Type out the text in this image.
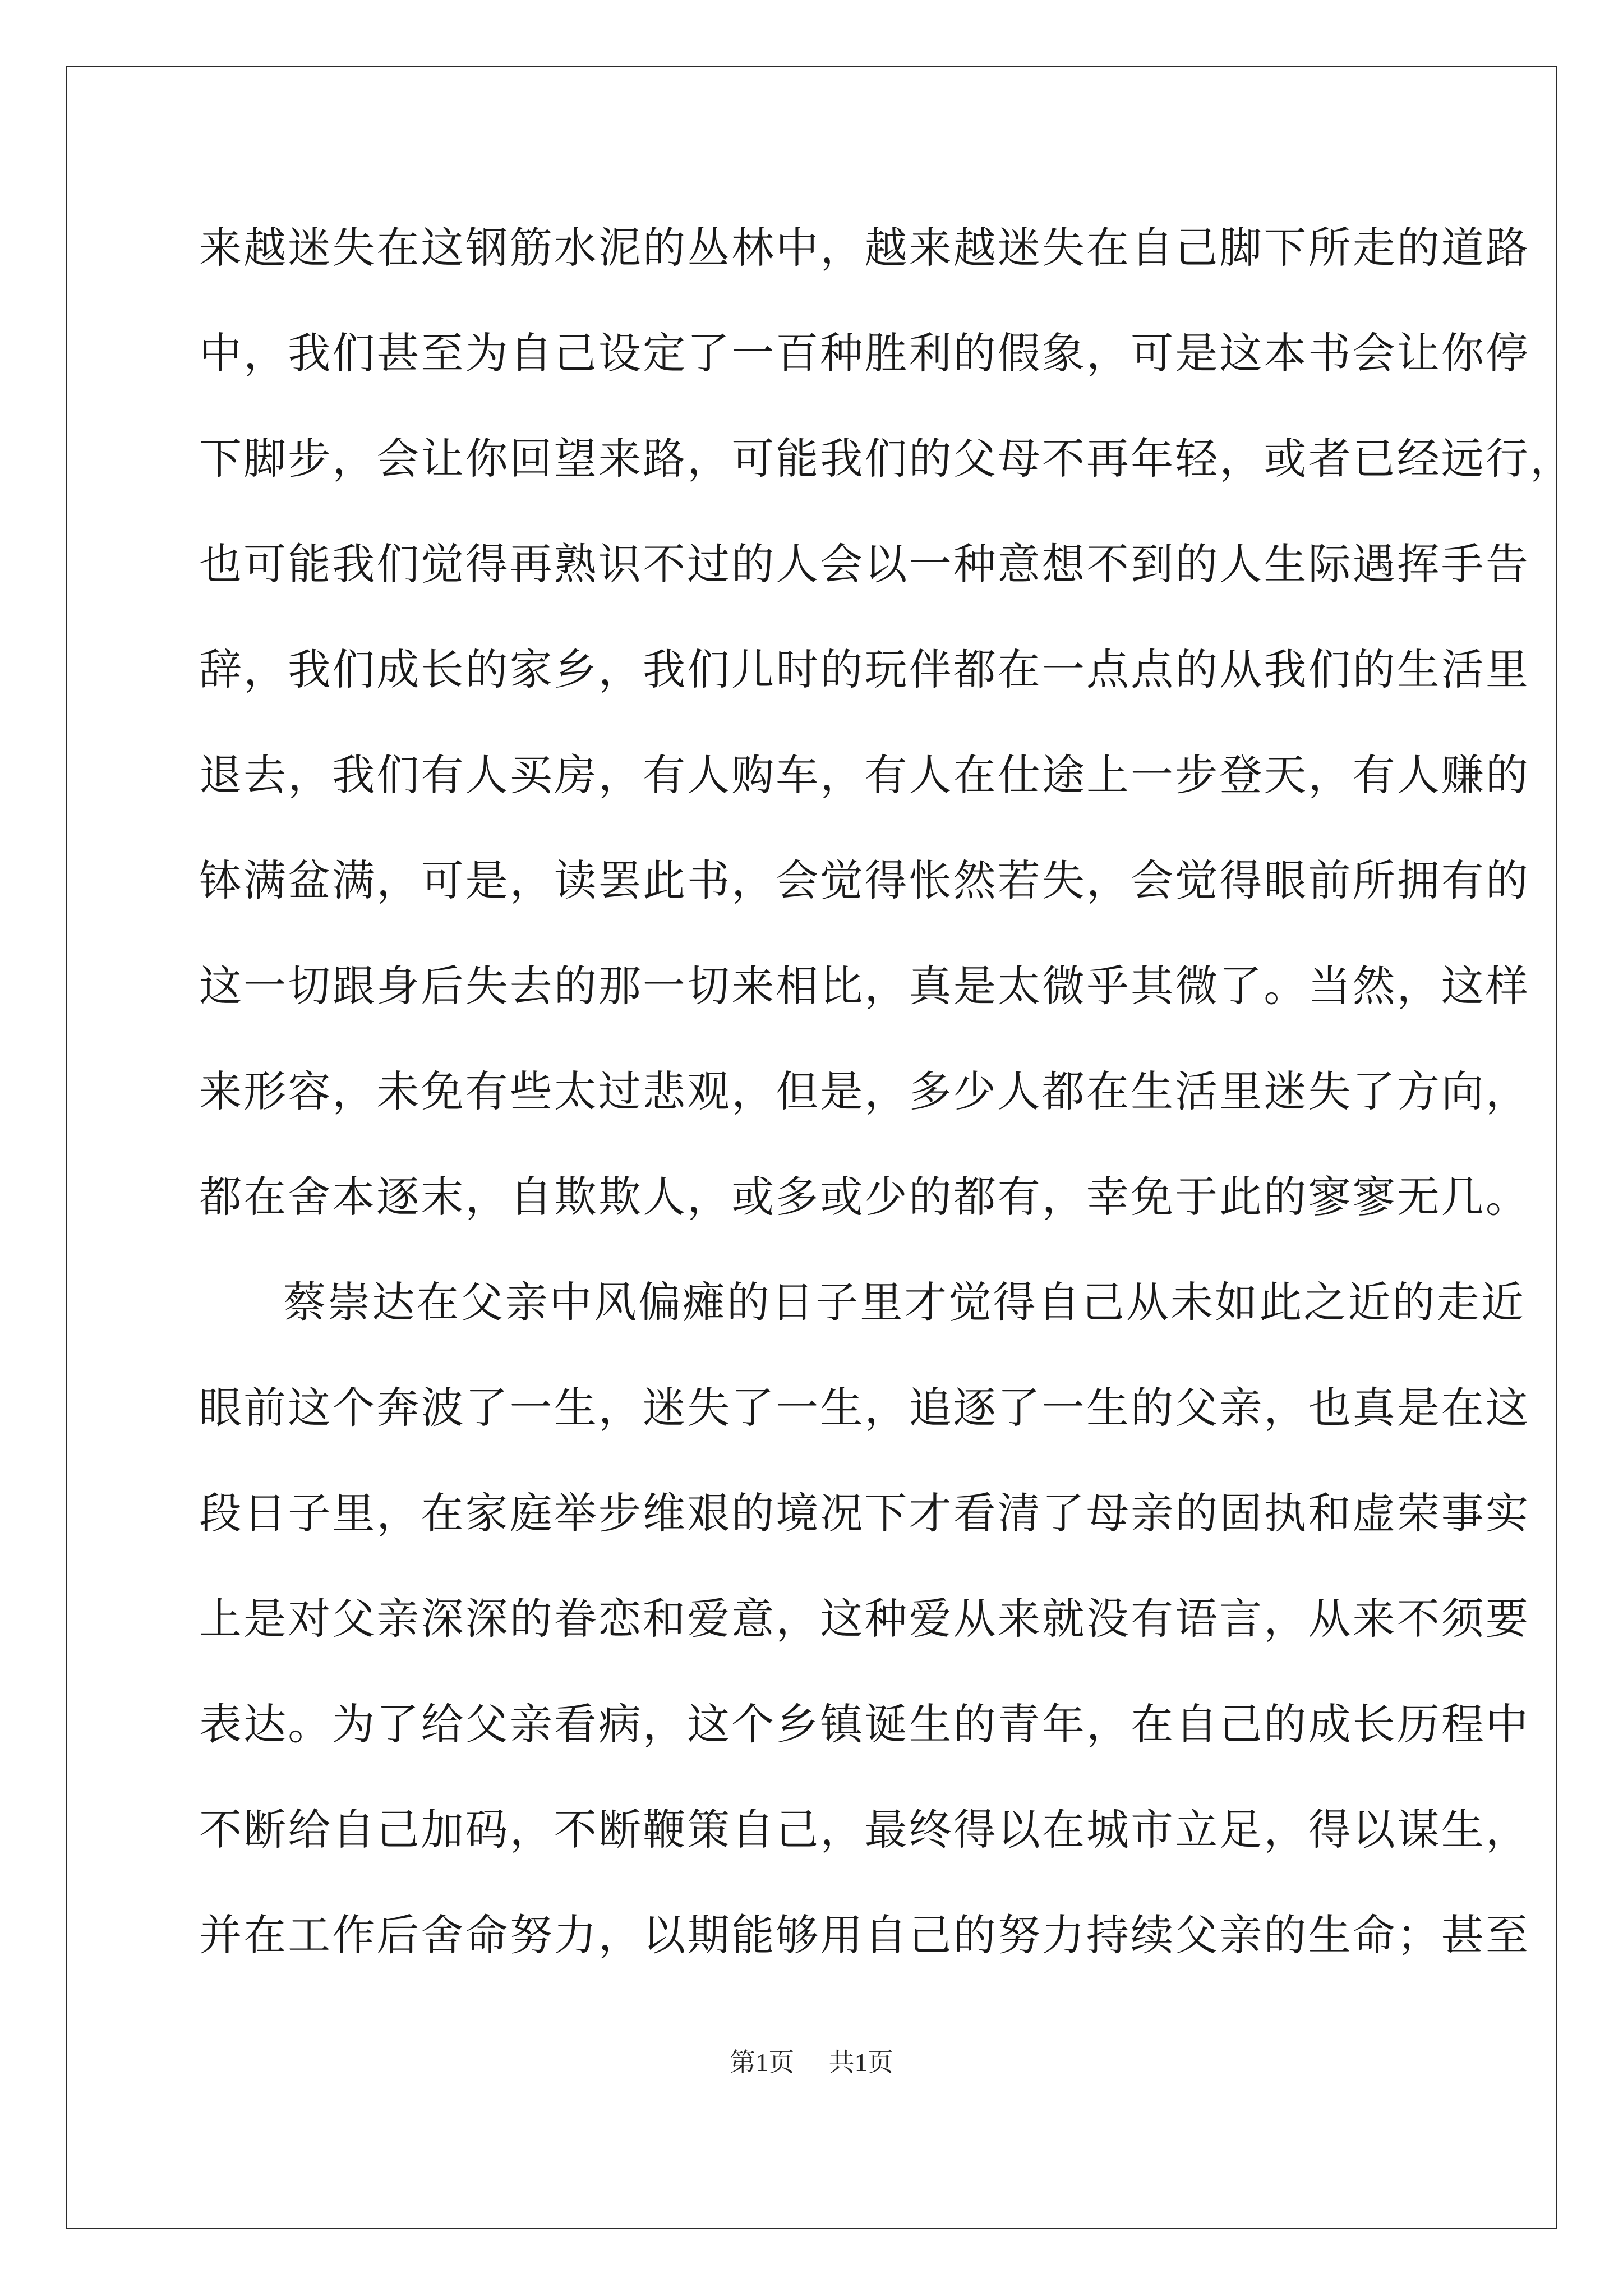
来越迷失在这钢筋水泥的丛林中，越来越迷失在自己脚下所走的道路
中，我们甚至为自己设定了一百种胜利的假象，可是这本书会让你停
下脚步，会让你回望来路，可能我们的父母不再年轻，或者已经远行，
也可能我们觉得再熟识不过的人会以一种意想不到的人生际遇挥手告
辞，我们成长的家乡，我们儿时的玩伴都在一点点的从我们的生活里
退去，我们有人买房，有人购车，有人在仕途上一步登天，有人赚的
钵满盆满，可是，读罢此书，会觉得怅然若失，会觉得眼前所拥有的
这一切跟身后失去的那一切来相比，真是太微乎其微了。当然，这样
来形容，未免有些太过悲观，但是，多少人都在生活里迷失了方向，
都在舍本逐末，自欺欺人，或多或少的都有，幸免于此的寥寥无几。
蔡崇达在父亲中风偏瘫的日子里才觉得自己从未如此之近的走近
眼前这个奔波了一生，迷失了一生，追逐了一生的父亲，也真是在这
段日子里，在家庭举步维艰的境况下才看清了母亲的固执和虚荣事实
上是对父亲深深的眷恋和爱意，这种爱从来就没有语言，从来不须要
表达。为了给父亲看病，这个乡镇诞生的青年，在自己的成长历程中
不断给自己加码，不断鞭策自己，最终得以在城市立足，得以谋生，
并在工作后舍命努力，以期能够用自己的努力持续父亲的生命；甚至
第1页 共1页
